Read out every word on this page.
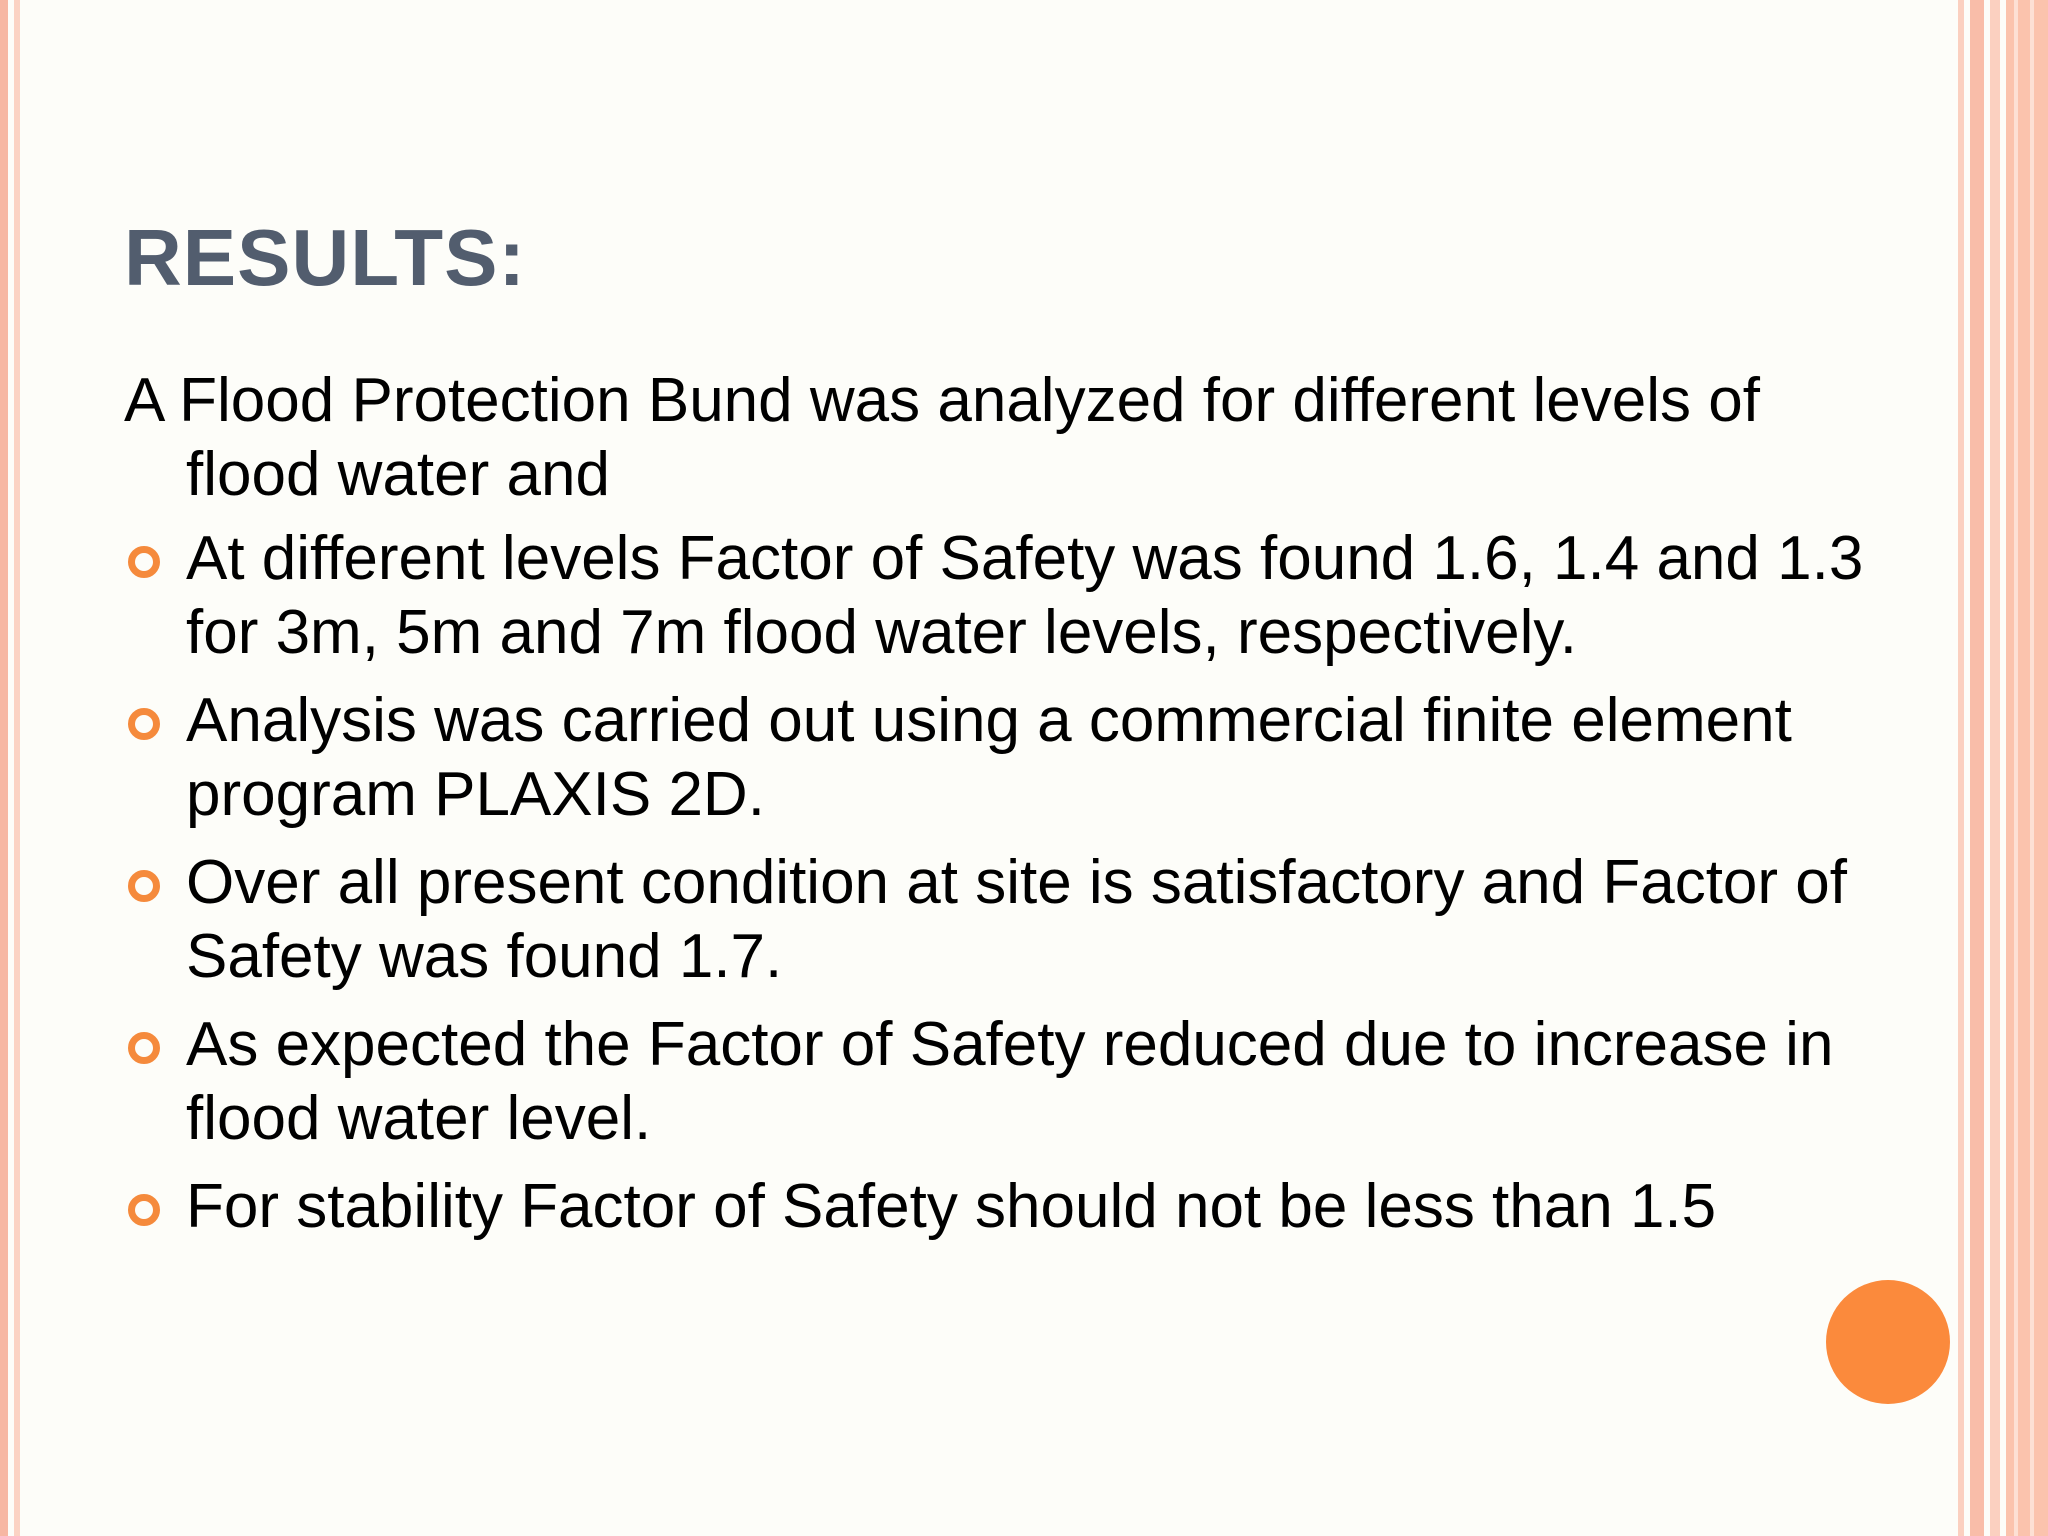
RESULTS:

A Flood Protection Bund was analyzed for different levels of flood water and

At different levels Factor of Safety was found 1.6, 1.4 and 1.3 for 3m, 5m and 7m flood water levels, respectively.
Analysis was carried out using a commercial finite element program PLAXIS 2D.
Over all present condition at site is satisfactory and Factor of Safety was found 1.7.
As expected the Factor of Safety reduced due to increase in flood water level.
For stability Factor of Safety should not be less than 1.5
